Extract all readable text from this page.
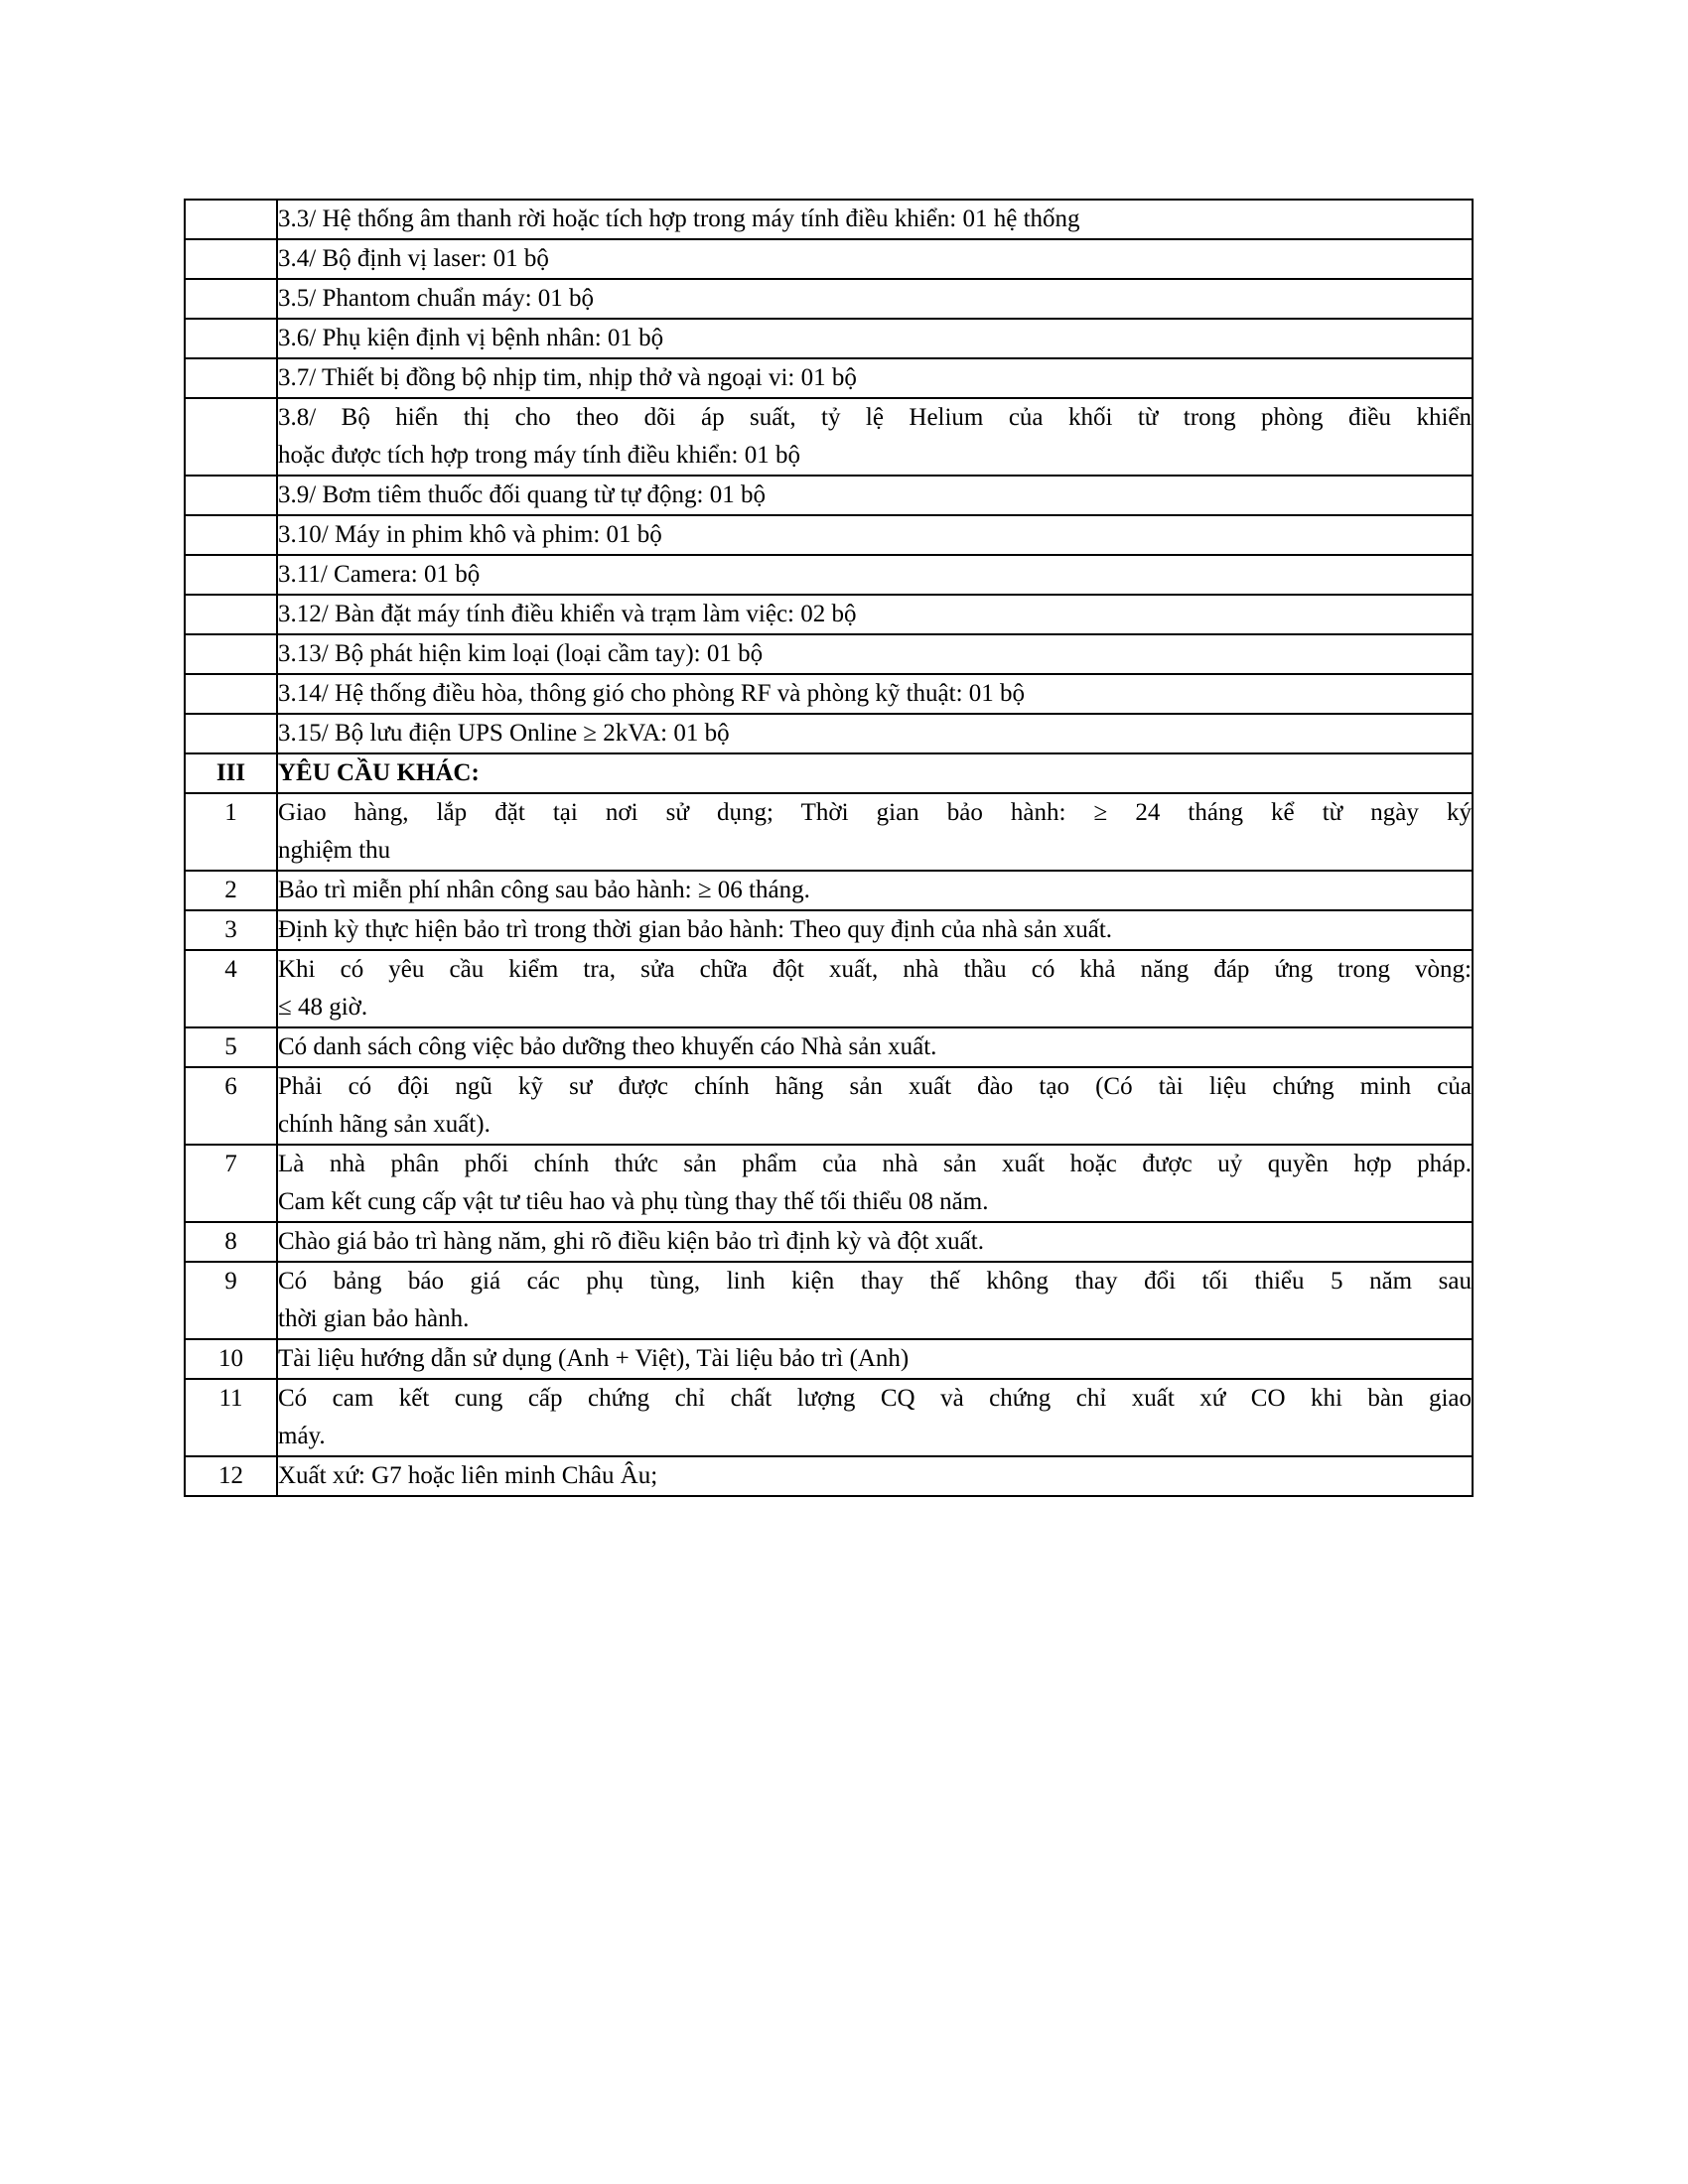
	3.3/ Hệ thống âm thanh rời hoặc tích hợp trong máy tính điều khiển: 01 hệ thống

	3.4/ Bộ định vị laser: 01 bộ

	3.5/ Phantom chuẩn máy: 01 bộ

	3.6/ Phụ kiện định vị bệnh nhân: 01 bộ

	3.7/ Thiết bị đồng bộ nhịp tim, nhịp thở và ngoại vi: 01 bộ

	3.8/ Bộ hiển thị cho theo dõi áp suất, tỷ lệ Helium của khối từ trong phòng điều khiển
hoặc được tích hợp trong máy tính điều khiển: 01 bộ

	3.9/ Bơm tiêm thuốc đối quang từ tự động: 01 bộ

	3.10/ Máy in phim khô và phim: 01 bộ

	3.11/ Camera: 01 bộ

	3.12/ Bàn đặt máy tính điều khiển và trạm làm việc: 02 bộ

	3.13/ Bộ phát hiện kim loại (loại cầm tay): 01 bộ

	3.14/ Hệ thống điều hòa, thông gió cho phòng RF và phòng kỹ thuật: 01 bộ

	3.15/ Bộ lưu điện UPS Online ≥ 2kVA: 01 bộ

III	YÊU CẦU KHÁC:

1	Giao hàng, lắp đặt tại nơi sử dụng; Thời gian bảo hành: ≥ 24 tháng kể từ ngày ký
nghiệm thu

2	Bảo trì miễn phí nhân công sau bảo hành: ≥ 06 tháng.

3	Định kỳ thực hiện bảo trì trong thời gian bảo hành: Theo quy định của nhà sản xuất.

4	Khi có yêu cầu kiểm tra, sửa chữa đột xuất, nhà thầu có khả năng đáp ứng trong vòng:
≤ 48 giờ.

5	Có danh sách công việc bảo dưỡng theo khuyến cáo Nhà sản xuất.

6	Phải có đội ngũ kỹ sư được chính hãng sản xuất đào tạo (Có tài liệu chứng minh của
chính hãng sản xuất).

7	Là nhà phân phối chính thức sản phẩm của nhà sản xuất hoặc được uỷ quyền hợp pháp.
Cam kết cung cấp vật tư tiêu hao và phụ tùng thay thế tối thiểu 08 năm.

8	Chào giá bảo trì hàng năm, ghi rõ điều kiện bảo trì định kỳ và đột xuất.

9	Có bảng báo giá các phụ tùng, linh kiện thay thế không thay đổi tối thiểu 5 năm sau
thời gian bảo hành.

10	Tài liệu hướng dẫn sử dụng (Anh + Việt), Tài liệu bảo trì (Anh)

11	Có cam kết cung cấp chứng chỉ chất lượng CQ và chứng chỉ xuất xứ CO khi bàn giao
máy.

12	Xuất xứ: G7 hoặc liên minh Châu Âu;
